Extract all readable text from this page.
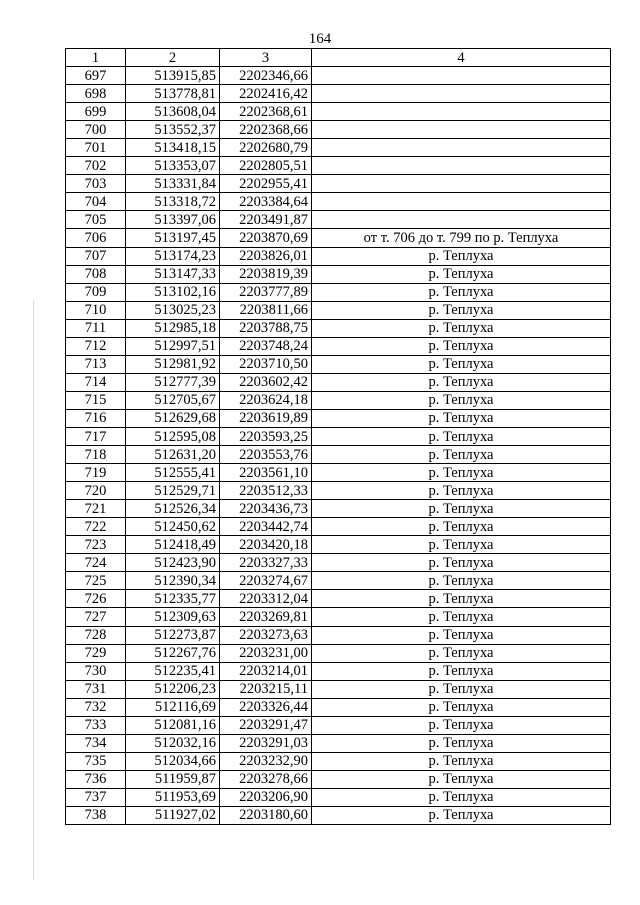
164
1	2	3	4
697	513915,85	2202346,66	
698	513778,81	2202416,42	
699	513608,04	2202368,61	
700	513552,37	2202368,66	
701	513418,15	2202680,79	
702	513353,07	2202805,51	
703	513331,84	2202955,41	
704	513318,72	2203384,64	
705	513397,06	2203491,87	
706	513197,45	2203870,69	от т. 706 до т. 799 по р. Теплуха
707	513174,23	2203826,01	р. Теплуха
708	513147,33	2203819,39	р. Теплуха
709	513102,16	2203777,89	р. Теплуха
710	513025,23	2203811,66	р. Теплуха
711	512985,18	2203788,75	р. Теплуха
712	512997,51	2203748,24	р. Теплуха
713	512981,92	2203710,50	р. Теплуха
714	512777,39	2203602,42	р. Теплуха
715	512705,67	2203624,18	р. Теплуха
716	512629,68	2203619,89	р. Теплуха
717	512595,08	2203593,25	р. Теплуха
718	512631,20	2203553,76	р. Теплуха
719	512555,41	2203561,10	р. Теплуха
720	512529,71	2203512,33	р. Теплуха
721	512526,34	2203436,73	р. Теплуха
722	512450,62	2203442,74	р. Теплуха
723	512418,49	2203420,18	р. Теплуха
724	512423,90	2203327,33	р. Теплуха
725	512390,34	2203274,67	р. Теплуха
726	512335,77	2203312,04	р. Теплуха
727	512309,63	2203269,81	р. Теплуха
728	512273,87	2203273,63	р. Теплуха
729	512267,76	2203231,00	р. Теплуха
730	512235,41	2203214,01	р. Теплуха
731	512206,23	2203215,11	р. Теплуха
732	512116,69	2203326,44	р. Теплуха
733	512081,16	2203291,47	р. Теплуха
734	512032,16	2203291,03	р. Теплуха
735	512034,66	2203232,90	р. Теплуха
736	511959,87	2203278,66	р. Теплуха
737	511953,69	2203206,90	р. Теплуха
738	511927,02	2203180,60	р. Теплуха
